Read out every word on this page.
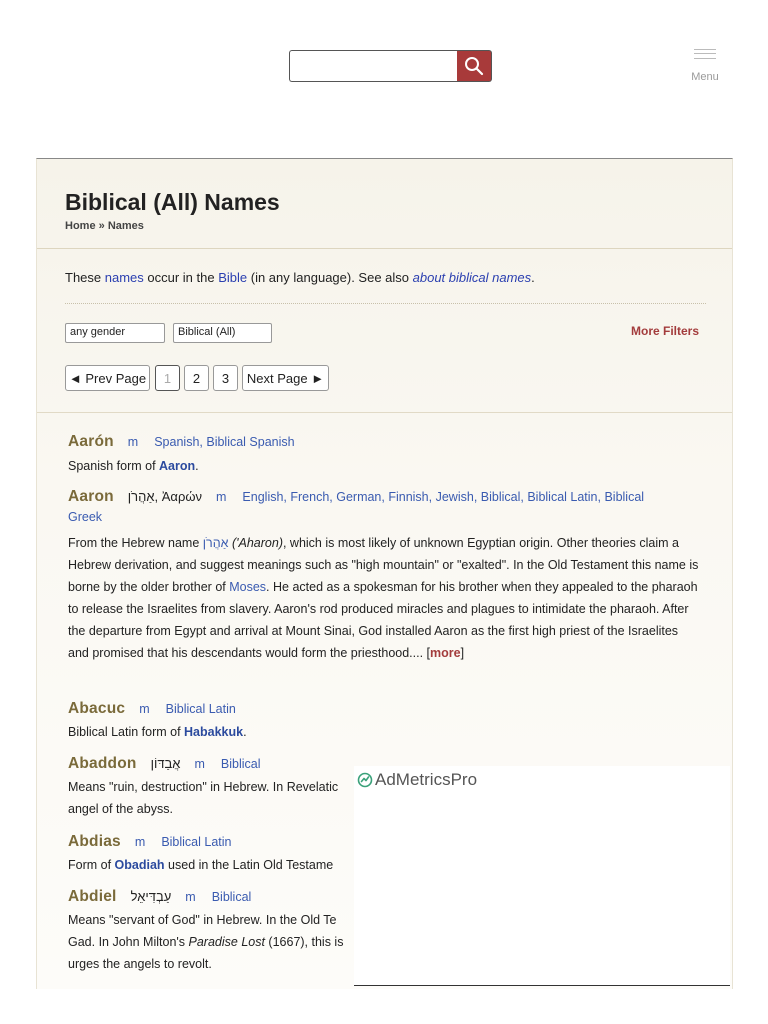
Menu
Biblical (All) Names
Home » Names
These names occur in the Bible (in any language). See also about biblical names.
any gender	Biblical (All)	More Filters
◄ Prev Page	1	2	3	Next Page ►
Aarón m Spanish, Biblical Spanish
Spanish form of Aaron.
Aaron אַהֲרֹן, Ἀαρών m English, French, German, Finnish, Jewish, Biblical, Biblical Latin, Biblical Greek
From the Hebrew name אַהֲרֹן ('Aharon), which is most likely of unknown Egyptian origin. Other theories claim a Hebrew derivation, and suggest meanings such as "high mountain" or "exalted". In the Old Testament this name is borne by the older brother of Moses. He acted as a spokesman for his brother when they appealed to the pharaoh to release the Israelites from slavery. Aaron's rod produced miracles and plagues to intimidate the pharaoh. After the departure from Egypt and arrival at Mount Sinai, God installed Aaron as the first high priest of the Israelites and promised that his descendants would form the priesthood.... [more]
Abacuc m Biblical Latin
Biblical Latin form of Habakkuk.
Abaddon אֲבַדּוֹן m Biblical
Means "ruin, destruction" in Hebrew. In Revelatic
angel of the abyss.
Abdias m Biblical Latin
Form of Obadiah used in the Latin Old Testame
Abdiel עַבְדִּיאֵל m Biblical
Means "servant of God" in Hebrew. In the Old Te
Gad. In John Milton's Paradise Lost (1667), this is
urges the angels to revolt.
AdMetricsPro
